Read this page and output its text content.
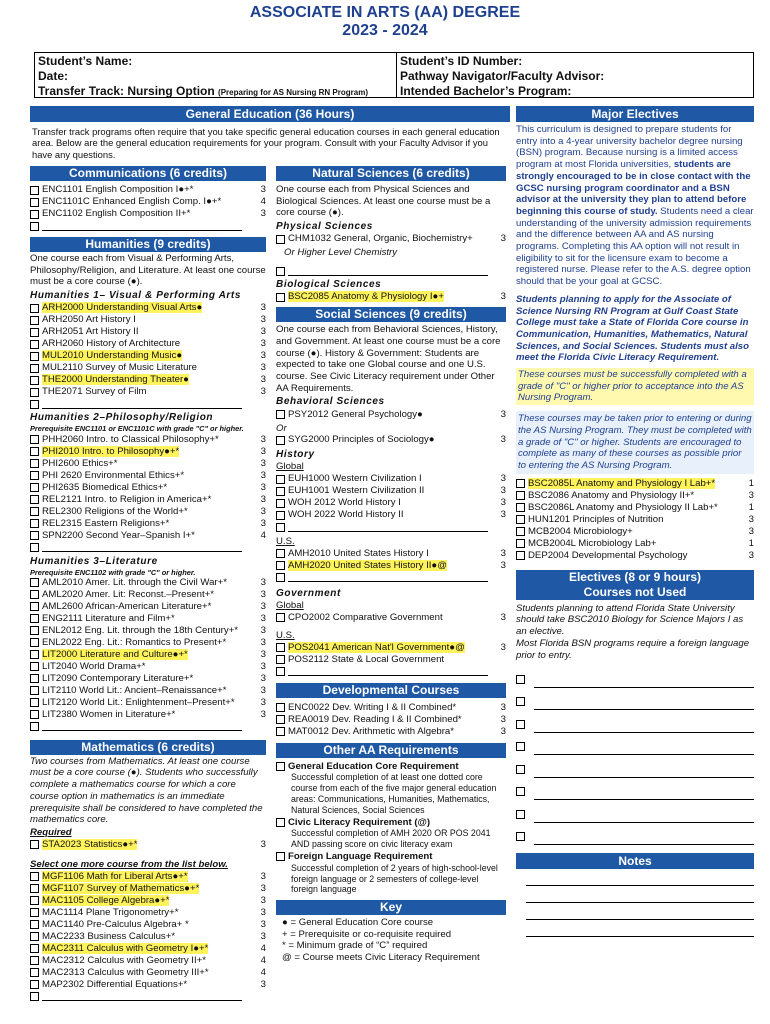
ASSOCIATE IN ARTS (AA) DEGREE
2023 - 2024
Student’s Name:
Date:
Transfer Track: Nursing Option (Preparing for AS Nursing RN Program)
Student’s ID Number:
Pathway Navigator/Faculty Advisor:
Intended Bachelor’s Program:
General Education (36 Hours)

Transfer track programs often require that you take specific general education courses in each general education area. Below are the general education requirements for your program. Consult with your Faculty Advisor if you have any questions.

Communications (6 credits)
ENC1101 English Composition I●+*	3
ENC1101C Enhanced English Comp. I●+*	4
ENC1102 English Composition II+*	3
Humanities (9 credits)

One course each from Visual & Performing Arts, Philosophy/Religion, and Literature. At least one course must be a core course (●).

Humanities 1– Visual & Performing Arts
ARH2000 Understanding Visual Arts●	3
ARH2050 Art History I	3
ARH2051 Art History II	3
ARH2060 History of Architecture	3
MUL2010 Understanding Music●	3
MUL2110 Survey of Music Literature	3
THE2000 Understanding Theater●	3
THE2071 Survey of Film	3
Humanities 2–Philosophy/Religion
Prerequisite ENC1101 or ENC1101C with grade "C" or higher.
PHH2060 Intro. to Classical Philosophy+*	3
PHI2010 Intro. to Philosophy●+*	3
PHI2600 Ethics+*	3
PHI 2620 Environmental Ethics+*	3
PHI2635 Biomedical Ethics+*	3
REL2121 Intro. to Religion in America+*	3
REL2300 Religions of the World+*	3
REL2315 Eastern Religions+*	3
SPN2200 Second Year–Spanish I+*	4
Humanities 3–Literature
Prerequisite ENC1102 with grade "C" or higher.
AML2010 Amer. Lit. through the Civil War+*	3
AML2020 Amer. Lit: Reconst.–Present+*	3
AML2600 African-American Literature+*	3
ENG2111 Literature and Film+*	3
ENL2012 Eng. Lit. through the 18th Century+*	3
ENL2022 Eng. Lit.: Romantics to Present+*	3
LIT2000 Literature and Culture●+*	3
LIT2040 World Drama+*	3
LIT2090 Contemporary Literature+*	3
LIT2110 World Lit.: Ancient–Renaissance+*	3
LIT2120 World Lit.: Enlightenment–Present+*	3
LIT2380 Women in Literature+*	3
Mathematics (6 credits)

Two courses from Mathematics. At least one course must be a core course (●). Students who successfully complete a mathematics course for which a core course option in mathematics is an immediate prerequisite shall be considered to have completed the mathematics core.

Required
STA2023 Statistics●+*	3
Select one more course from the list below.
MGF1106 Math for Liberal Arts●+*	3
MGF1107 Survey of Mathematics●+*	3
MAC1105 College Algebra●+*	3
MAC1114 Plane Trigonometry+*	3
MAC1140 Pre-Calculus Algebra+ *	3
MAC2233 Business Calculus+*	3
MAC2311 Calculus with Geometry I●+*	4
MAC2312 Calculus with Geometry II+*	4
MAC2313 Calculus with Geometry III+*	4
MAP2302 Differential Equations+*	3
Natural Sciences (6 credits)

One course each from Physical Sciences and Biological Sciences. At least one course must be a core course (●).

Physical Sciences
CHM1032 General, Organic, Biochemistry+	3
Or Higher Level Chemistry
Biological Sciences
BSC2085 Anatomy & Physiology I●+	3
Social Sciences (9 credits)

One course each from Behavioral Sciences, History, and Government. At least one course must be a core course (●). History & Government: Students are expected to take one Global course and one U.S. course. See Civic Literacy requirement under Other AA Requirements.

Behavioral Sciences
PSY2012 General Psychology●	3
Or
SYG2000 Principles of Sociology●	3
History
Global
EUH1000 Western Civilization I	3
EUH1001 Western Civilization II	3
WOH 2012 World History I	3
WOH 2022 World History II	3
U.S.
AMH2010 United States History I	3
AMH2020 United States History II●@	3
Government
Global
CPO2002 Comparative Government	3
U.S.
POS2041 American Nat'l Government●@	3
POS2112 State & Local Government
Developmental Courses
ENC0022 Dev. Writing I & II Combined*	3
REA0019 Dev. Reading I & II Combined*	3
MAT0012 Dev. Arithmetic with Algebra*	3
Other AA Requirements
General Education Core Requirement

Successful completion of at least one dotted core course from each of the five major general education areas: Communications, Humanities, Mathematics, Natural Sciences, Social Sciences

Civic Literacy Requirement (@)

Successful completion of AMH 2020 OR POS 2041 AND passing score on civic literacy exam

Foreign Language Requirement

Successful completion of 2 years of high-school-level foreign language or 2 semesters of college-level foreign language

Key
● = General Education Core course
+ = Prerequisite or co-requisite required
* = Minimum grade of “C” required
@ = Course meets Civic Literacy Requirement
Major Electives

This curriculum is designed to prepare students for entry into a 4-year university bachelor degree nursing (BSN) program. Because nursing is a limited access program at most Florida universities, students are strongly encouraged to be in close contact with the GCSC nursing program coordinator and a BSN advisor at the university they plan to attend before beginning this course of study. Students need a clear understanding of the university admission requirements and the difference between AA and AS nursing programs. Completing this AA option will not result in eligibility to sit for the licensure exam to become a registered nurse. Please refer to the A.S. degree option should that be your goal at GCSC.

Students planning to apply for the Associate of Science Nursing RN Program at Gulf Coast State College must take a State of Florida Core course in Communication, Humanities, Mathematics, Natural Sciences, and Social Sciences. Students must also meet the Florida Civic Literacy Requirement.

These courses must be successfully completed with a grade of "C" or higher prior to acceptance into the AS Nursing Program.

These courses may be taken prior to entering or during the AS Nursing Program. They must be completed with a grade of "C" or higher. Students are encouraged to complete as many of these courses as possible prior to entering the AS Nursing Program.

BSC2085L Anatomy and Physiology I Lab+*	1
BSC2086 Anatomy and Physiology II+*	3
BSC2086L Anatomy and Physiology II Lab+*	1
HUN1201 Principles of Nutrition	3
MCB2004 Microbiology+	3
MCB2004L Microbiology Lab+	1
DEP2004 Developmental Psychology	3
Electives (8 or 9 hours)
Courses not Used

Students planning to attend Florida State University should take BSC2010 Biology for Science Majors I as an elective.

Most Florida BSN programs require a foreign language prior to entry.

Notes
